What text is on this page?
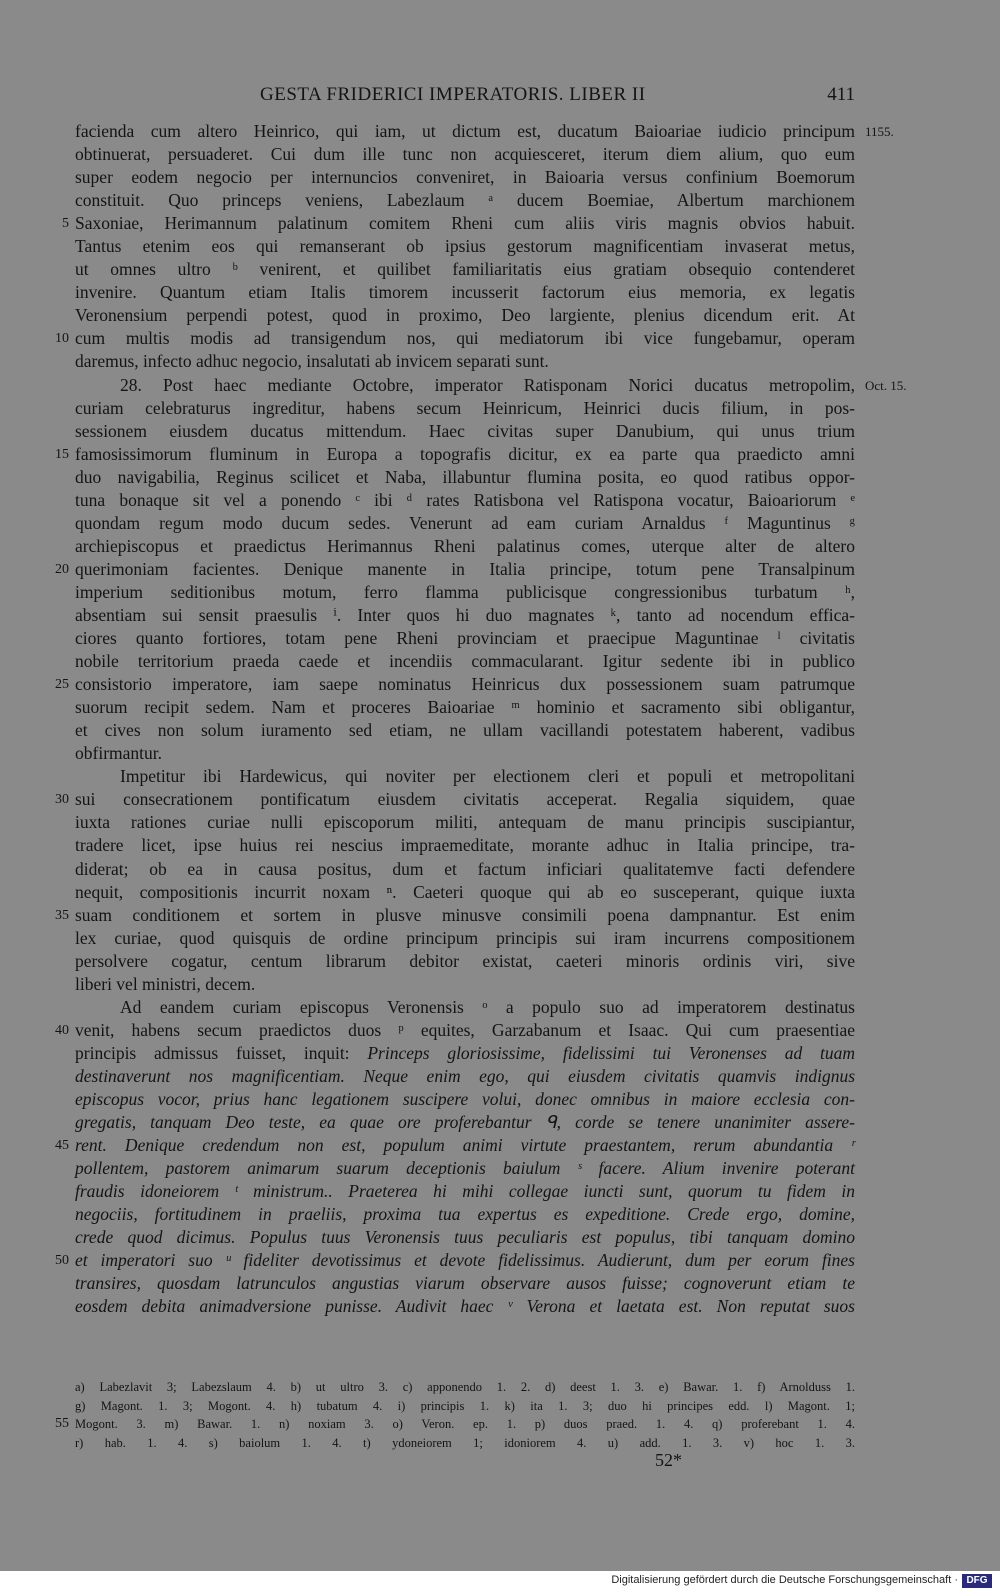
GESTA FRIDERICI IMPERATORIS. LIBER II	411
facienda cum altero Heinrico, qui iam, ut dictum est, ducatum Baioariae iudicio principum 1155.
obtinuerat, persuaderet. Cui dum ille tunc non acquiesceret, iterum diem alium, quo eum
super eodem negocio per internuncios conveniret, in Baioaria versus confinium Boemorum
constituit. Quo princeps veniens, Labezlaum ᵃ ducem Boemiae, Albertum marchionem
5 Saxoniae, Herimannum palatinum comitem Rheni cum aliis viris magnis obvios habuit.
Tantus etenim eos qui remanserant ob ipsius gestorum magnificentiam invaserat metus,
ut omnes ultro ᵇ venirent, et quilibet familiaritatis eius gratiam obsequio contenderet
invenire. Quantum etiam Italis timorem incusserit factorum eius memoria, ex legatis
Veronensium perpendi potest, quod in proximo, Deo largiente, plenius dicendum erit. At
10 cum multis modis ad transigendum nos, qui mediatorum ibi vice fungebamur, operam
daremus, infecto adhuc negocio, insalutati ab invicem separati sunt.
28. Post haec mediante Octobre, imperator Ratisponam Norici ducatus metropolim, Oct. 15.
curiam celebraturus ingreditur, habens secum Heinricum, Heinrici ducis filium, in pos-
sessionem eiusdem ducatus mittendum. Haec civitas super Danubium, qui unus trium
15 famosissimorum fluminum in Europa a topografis dicitur, ex ea parte qua praedicto amni
duo navigabilia, Reginus scilicet et Naba, illabuntur flumina posita, eo quod ratibus oppor-
tuna bonaque sit vel a ponendo ᶜ ibi ᵈ rates Ratisbona vel Ratispona vocatur, Baioariorum ᵉ
quondam regum modo ducum sedes. Venerunt ad eam curiam Arnaldus ᶠ Maguntinus ᵍ
archiepiscopus et praedictus Herimannus Rheni palatinus comes, uterque alter de altero
20 querimoniam facientes. Denique manente in Italia principe, totum pene Transalpinum
imperium seditionibus motum, ferro flamma publicisque congressionibus turbatum ʰ,
absentiam sui sensit praesulis ⁱ. Inter quos hi duo magnates ᵏ, tanto ad nocendum effica-
ciores quanto fortiores, totam pene Rheni provinciam et praecipue Maguntinae ˡ civitatis
nobile territorium praeda caede et incendiis commacularant. Igitur sedente ibi in publico
25 consistorio imperatore, iam saepe nominatus Heinricus dux possessionem suam patrumque
suorum recipit sedem. Nam et proceres Baioariae ᵐ hominio et sacramento sibi obligantur,
et cives non solum iuramento sed etiam, ne ullam vacillandi potestatem haberent, vadibus
obfirmantur.
Impetitur ibi Hardewicus, qui noviter per electionem cleri et populi et metropolitani
30 sui consecrationem pontificatum eiusdem civitatis acceperat. Regalia siquidem, quae
iuxta rationes curiae nulli episcoporum militi, antequam de manu principis suscipiantur,
tradere licet, ipse huius rei nescius impraemeditate, morante adhuc in Italia principe, tra-
diderat; ob ea in causa positus, dum et factum inficiari qualitatemve facti defendere
nequit, compositionis incurrit noxam ⁿ. Caeteri quoque qui ab eo susceperant, quique iuxta
35 suam conditionem et sortem in plusve minusve consimili poena dampnantur. Est enim
lex curiae, quod quisquis de ordine principum principis sui iram incurrens compositionem
persolvere cogatur, centum librarum debitor existat, caeteri minoris ordinis viri, sive
liberi vel ministri, decem.
Ad eandem curiam episcopus Veronensis ᵒ a populo suo ad imperatorem destinatus
40 venit, habens secum praedictos duos ᵖ equites, Garzabanum et Isaac. Qui cum praesentiae
principis admissus fuisset, inquit: Princeps gloriosissime, fidelissimi tui Veronenses ad tuam
destinaverunt nos magnificentiam. Neque enim ego, qui eiusdem civitatis quamvis indignus
episcopus vocor, prius hanc legationem suscipere volui, donec omnibus in maiore ecclesia con-
gregatis, tanquam Deo teste, ea quae ore proferebantur ᑫ, corde se tenere unanimiter assere-
45 rent. Denique credendum non est, populum animi virtute praestantem, rerum abundantia ʳ
pollentem, pastorem animarum suarum deceptionis baiulum ˢ facere. Alium invenire poterant
fraudis idoneiorem ᵗ ministrum.. Praeterea hi mihi collegae iuncti sunt, quorum tu fidem in
negociis, fortitudinem in praeliis, proxima tua expertus es expeditione. Crede ergo, domine,
crede quod dicimus. Populus tuus Veronensis tuus peculiaris est populus, tibi tanquam domino
50 et imperatori suo ᵘ fideliter devotissimus et devote fidelissimus. Audierunt, dum per eorum fines
transires, quosdam latrunculos angustias viarum observare ausos fuisse; cognoverunt etiam te
eosdem debita animadversione punisse. Audivit haec ᵛ Verona et laetata est. Non reputat suos
a) Labezlavit 3; Labezslaum 4. b) ut ultro 3. c) apponendo 1. 2. d) deest 1. 3. e) Bawar. 1. f) Arnolduss 1.
g) Magont. 1. 3; Mogont. 4. h) tubatum 4. i) principis 1. k) ita 1. 3; duo hi principes edd. l) Magont. 1;
55 Mogont. 3. m) Bawar. 1. n) noxiam 3. o) Veron. ep. 1. p) duos praed. 1. 4. q) proferebant 1. 4.
r) hab. 1. 4. s) baiolum 1. 4. t) ydoneiorem 1; idoniorem 4. u) add. 1. 3. v) hoc 1. 3.
52*
Digitalisierung gefördert durch die Deutsche Forschungsgemeinschaft · DFG
